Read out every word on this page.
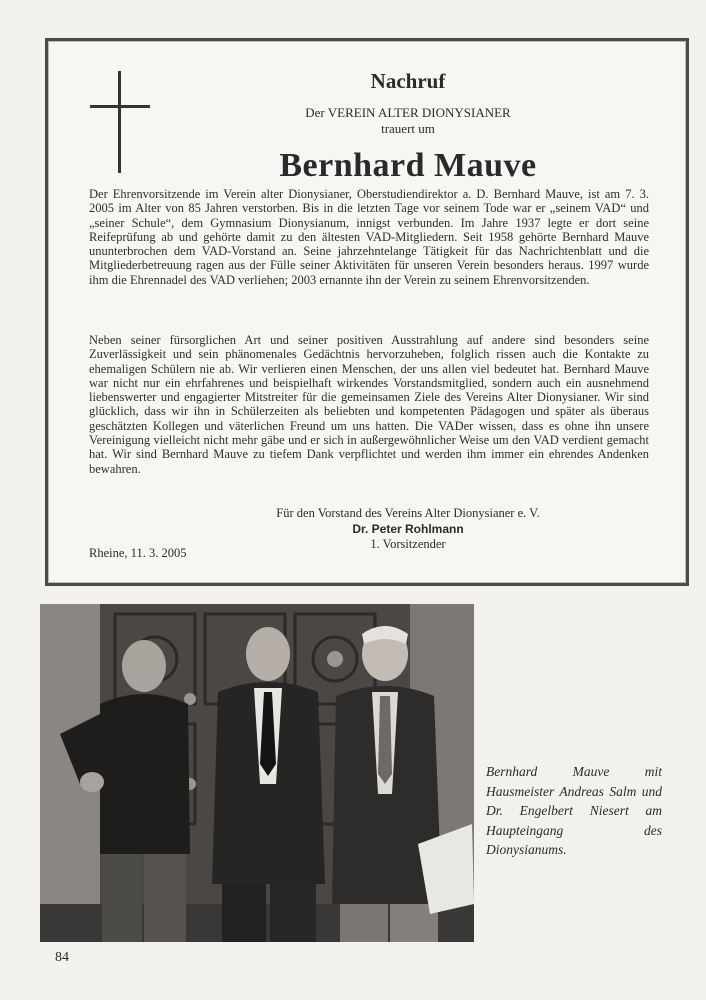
Nachruf
Der VEREIN ALTER DIONYSIANER
trauert um
Bernhard Mauve

Der Ehrenvorsitzende im Verein alter Dionysianer, Oberstudiendirektor a. D. Bernhard Mauve, ist am 7. 3. 2005 im Alter von 85 Jahren verstorben. Bis in die letzten Tage vor seinem Tode war er „seinem VAD“ und „seiner Schule“, dem Gymnasium Dionysianum, innigst verbunden. Im Jahre 1937 legte er dort seine Reifeprüfung ab und gehörte damit zu den ältesten VAD-Mitgliedern. Seit 1958 gehörte Bernhard Mauve ununterbrochen dem VAD-Vorstand an. Seine jahrzehntelange Tätigkeit für das Nachrichtenblatt und die Mitgliederbetreuung ragen aus der Fülle seiner Aktivitäten für unseren Verein besonders heraus. 1997 wurde ihm die Ehrennadel des VAD verliehen; 2003 ernannte ihn der Verein zu seinem Ehrenvorsitzenden.

Neben seiner fürsorglichen Art und seiner positiven Ausstrahlung auf andere sind besonders seine Zuverlässigkeit und sein phänomenales Gedächtnis hervorzuheben, folglich rissen auch die Kontakte zu ehemaligen Schülern nie ab. Wir verlieren einen Menschen, der uns allen viel bedeutet hat. Bernhard Mauve war nicht nur ein ehrfahrenes und beispielhaft wirkendes Vorstandsmitglied, sondern auch ein ausnehmend liebenswerter und engagierter Mitstreiter für die gemeinsamen Ziele des Vereins Alter Dionysianer. Wir sind glücklich, dass wir ihn in Schülerzeiten als beliebten und kompetenten Pädagogen und später als überaus geschätzten Kollegen und väterlichen Freund um uns hatten. Die VADer wissen, dass es ohne ihn unsere Vereinigung vielleicht nicht mehr gäbe und er sich in außergewöhnlicher Weise um den VAD verdient gemacht hat. Wir sind Bernhard Mauve zu tiefem Dank verpflichtet und werden ihm immer ein ehrendes Andenken bewahren.

Für den Vorstand des Vereins Alter Dionysianer e. V.
Dr. Peter Rohlmann
1. Vorsitzender
Rheine, 11. 3. 2005
Bernhard Mauve mit Hausmeister Andreas Salm und Dr. Engelbert Niesert am Haupteingang des Dionysianums.
84
